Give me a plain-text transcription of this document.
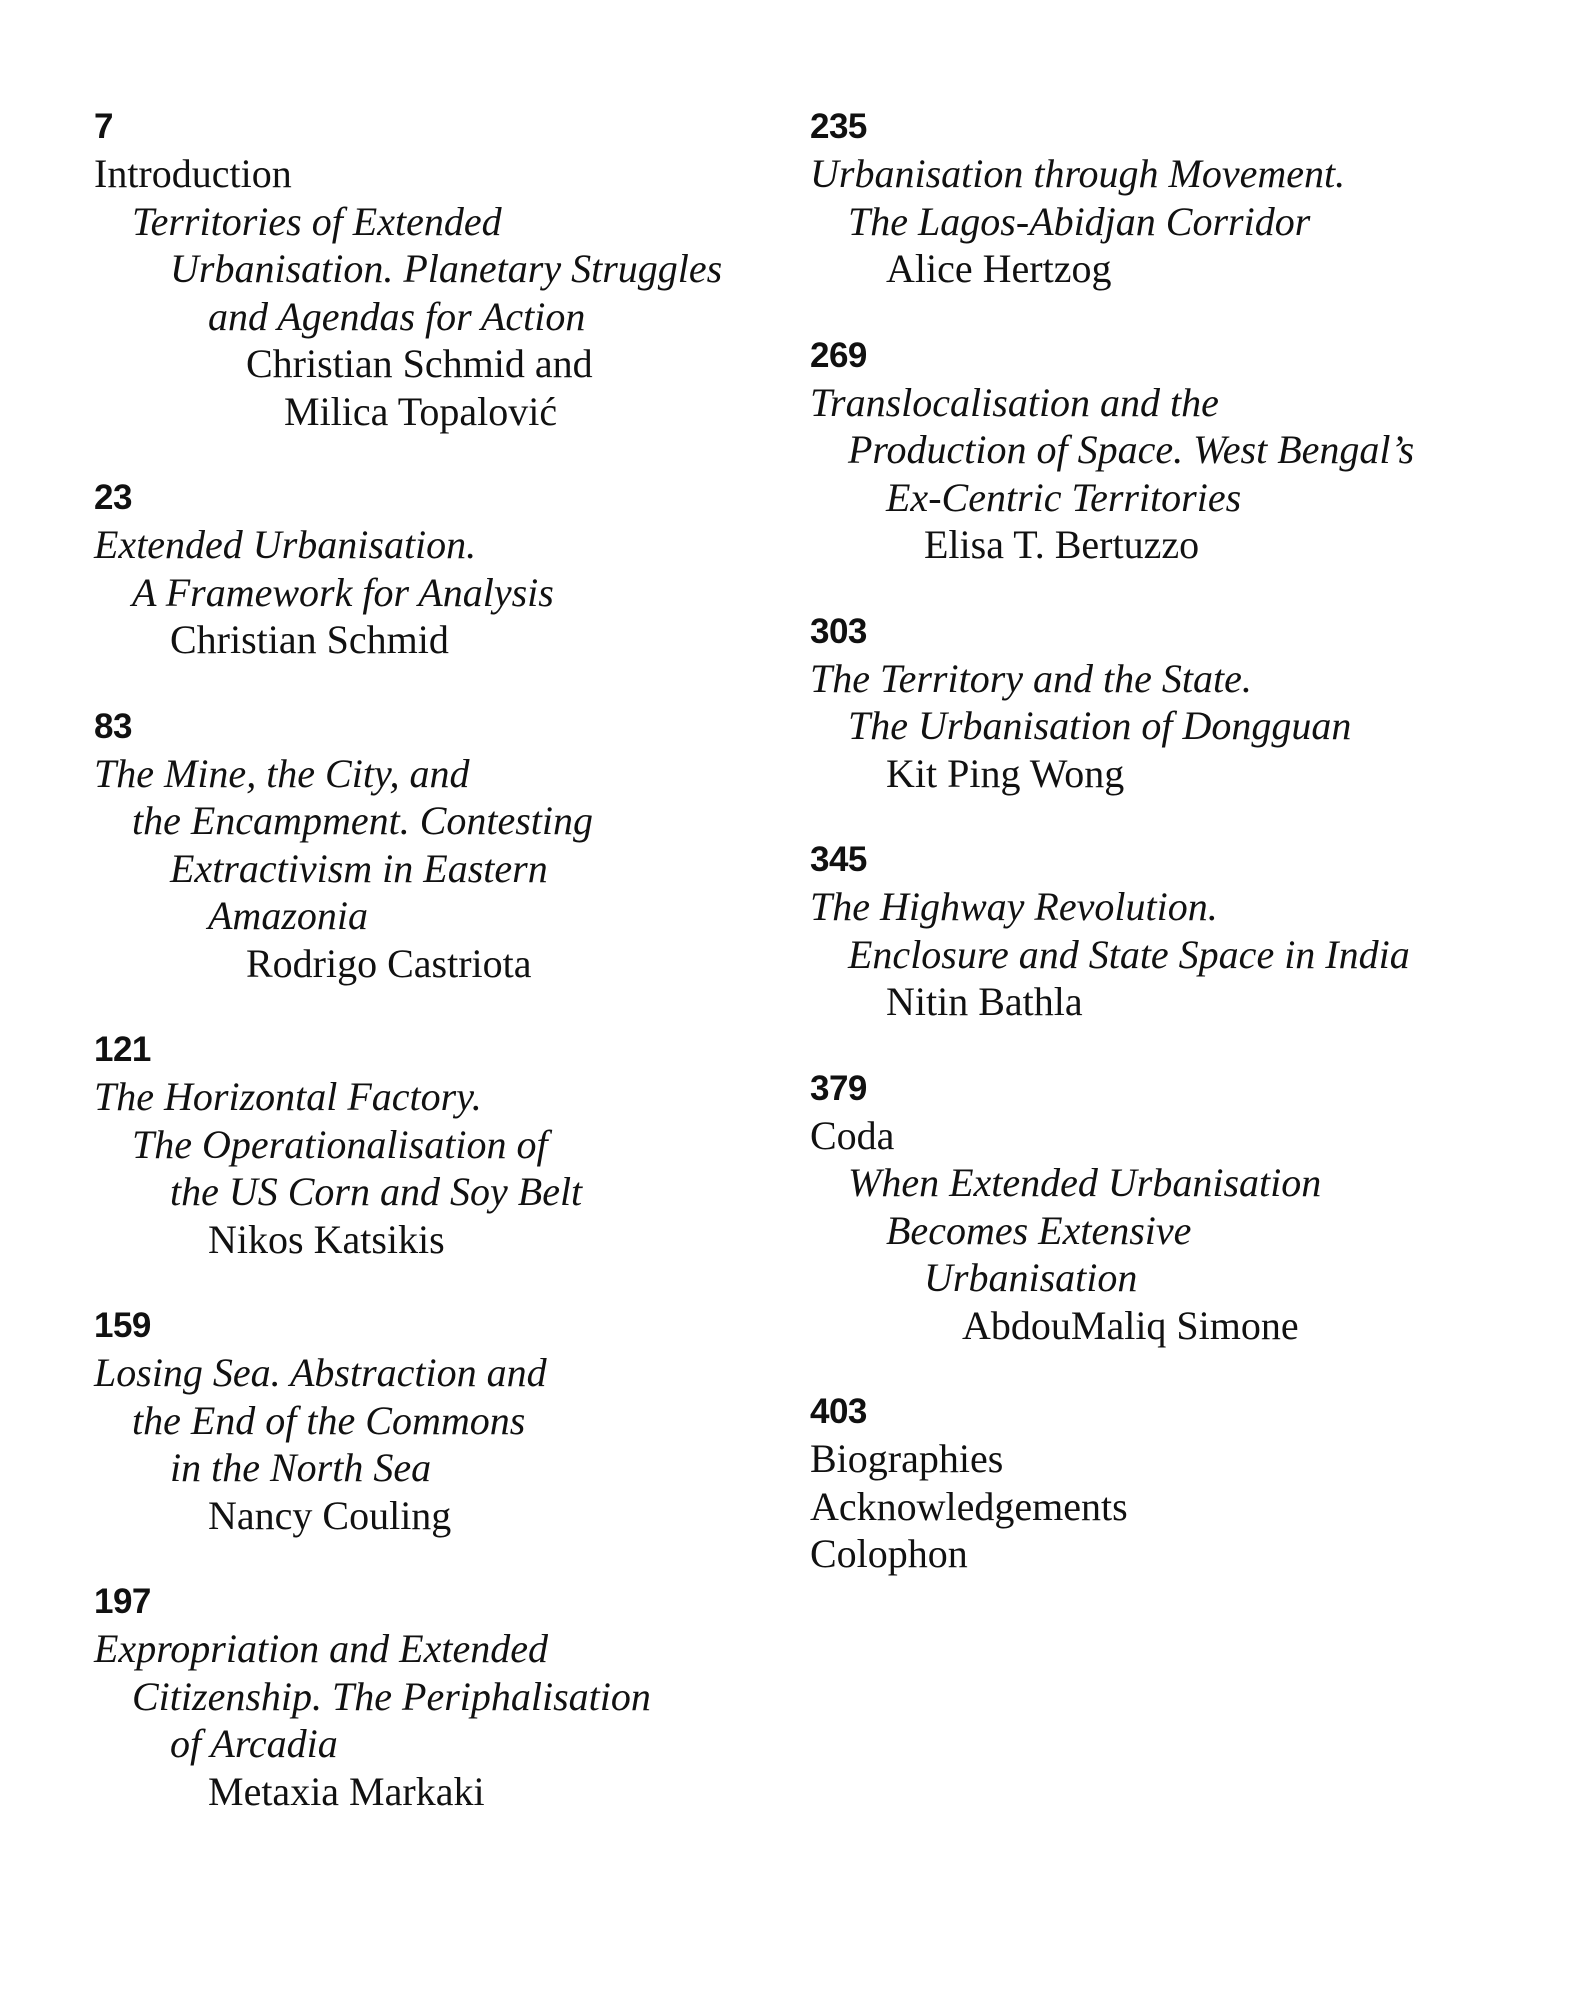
7
Introduction
Territories of Extended
Urbanisation. Planetary Struggles
and Agendas for Action
Christian Schmid and
Milica Topalović
23
Extended Urbanisation.
A Framework for Analysis
Christian Schmid
83
The Mine, the City, and
the Encampment. Contesting
Extractivism in Eastern
Amazonia
Rodrigo Castriota
121
The Horizontal Factory.
The Operationalisation of
the US Corn and Soy Belt
Nikos Katsikis
159
Losing Sea. Abstraction and
the End of the Commons
in the North Sea
Nancy Couling
197
Expropriation and Extended
Citizenship. The Periphalisation
of Arcadia
Metaxia Markaki
235
Urbanisation through Movement.
The Lagos-Abidjan Corridor
Alice Hertzog
269
Translocalisation and the
Production of Space. West Bengal’s
Ex-Centric Territories
Elisa T. Bertuzzo
303
The Territory and the State.
The Urbanisation of Dongguan
Kit Ping Wong
345
The Highway Revolution.
Enclosure and State Space in India
Nitin Bathla
379
Coda
When Extended Urbanisation
Becomes Extensive
Urbanisation
AbdouMaliq Simone
403
Biographies
Acknowledgements
Colophon
